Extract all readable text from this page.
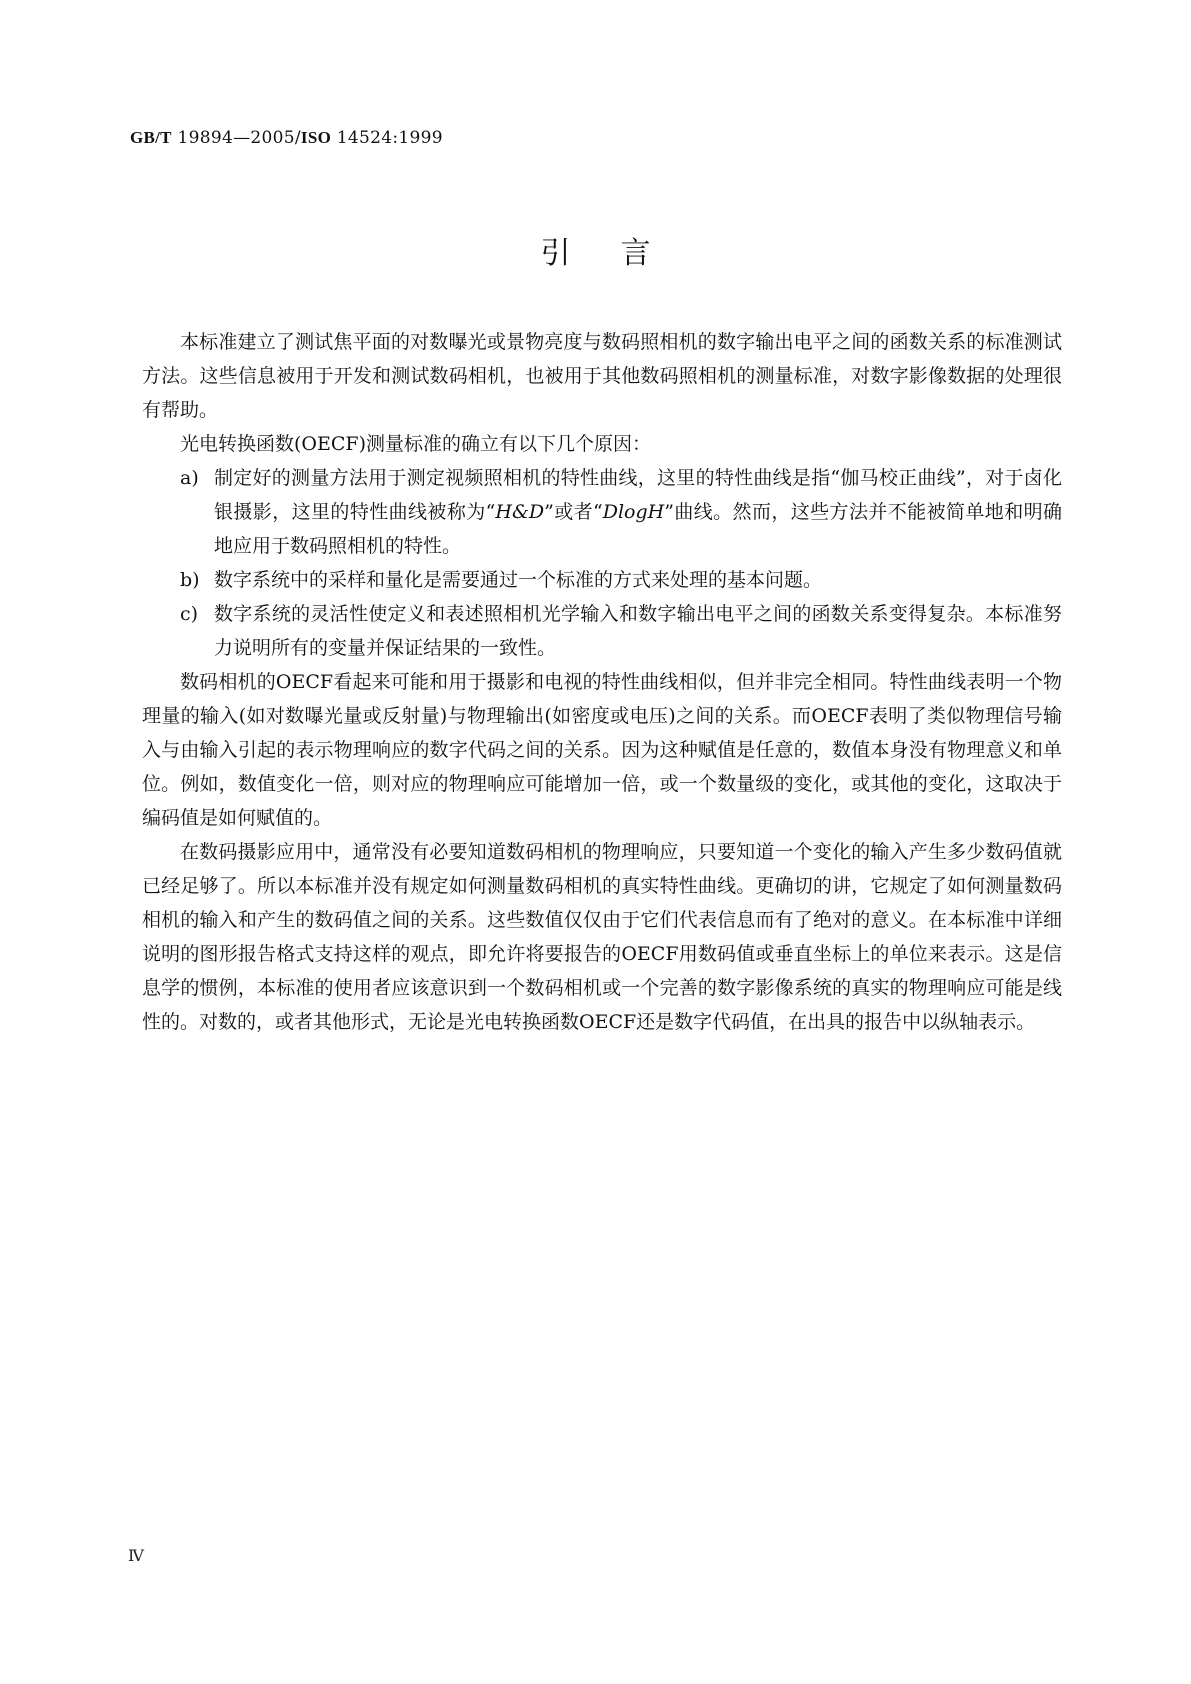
GB/T 19894—2005/ISO 14524:1999
引言

本标准建立了测试焦平面的对数曝光或景物亮度与数码照相机的数字输出电平之间的函数关系的标准测试方法。这些信息被用于开发和测试数码相机，也被用于其他数码照相机的测量标准，对数字影像数据的处理很有帮助。

光电转换函数(OECF)测量标准的确立有以下几个原因：

a) 制定好的测量方法用于测定视频照相机的特性曲线，这里的特性曲线是指“伽马校正曲线”，对于卤化银摄影，这里的特性曲线被称为“H&D”或者“DlogH”曲线。然而，这些方法并不能被简单地和明确地应用于数码照相机的特性。

b) 数字系统中的采样和量化是需要通过一个标准的方式来处理的基本问题。

c) 数字系统的灵活性使定义和表述照相机光学输入和数字输出电平之间的函数关系变得复杂。本标准努力说明所有的变量并保证结果的一致性。

数码相机的OECF看起来可能和用于摄影和电视的特性曲线相似，但并非完全相同。特性曲线表明一个物理量的输入(如对数曝光量或反射量)与物理输出(如密度或电压)之间的关系。而OECF表明了类似物理信号输入与由输入引起的表示物理响应的数字代码之间的关系。因为这种赋值是任意的，数值本身没有物理意义和单位。例如，数值变化一倍，则对应的物理响应可能增加一倍，或一个数量级的变化，或其他的变化，这取决于编码值是如何赋值的。

在数码摄影应用中，通常没有必要知道数码相机的物理响应，只要知道一个变化的输入产生多少数码值就已经足够了。所以本标准并没有规定如何测量数码相机的真实特性曲线。更确切的讲，它规定了如何测量数码相机的输入和产生的数码值之间的关系。这些数值仅仅由于它们代表信息而有了绝对的意义。在本标准中详细说明的图形报告格式支持这样的观点，即允许将要报告的OECF用数码值或垂直坐标上的单位来表示。这是信息学的惯例，本标准的使用者应该意识到一个数码相机或一个完善的数字影像系统的真实的物理响应可能是线性的。对数的，或者其他形式，无论是光电转换函数OECF还是数字代码值，在出具的报告中以纵轴表示。

Ⅳ
